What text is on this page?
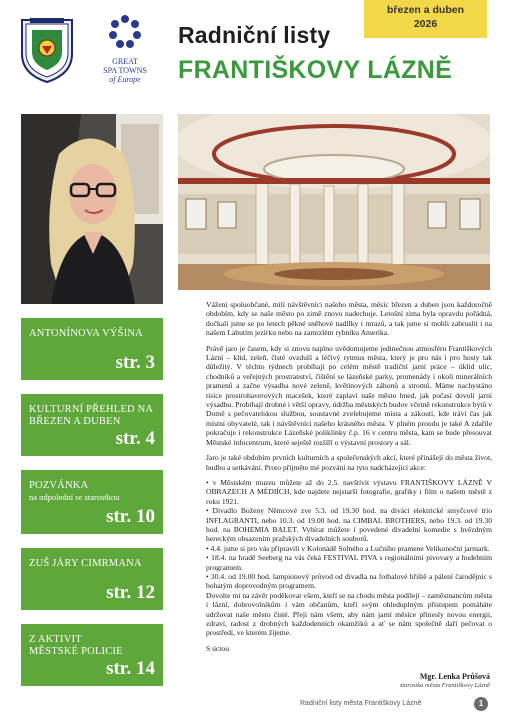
GREAT
SPA TOWNS
of Europe
březen a duben
2026
Radniční listy
FRANTIŠKOVY LÁZNĚ
ANTONÍNOVA VÝŠINA
str. 3
KULTURNÍ PŘEHLED NA BŘEZEN A DUBEN
str. 4
POZVÁNKA
na odpolední se starostkou
str. 10
ZUŠ JÁRY CIMRMANA
str. 12
Z AKTIVIT MĚSTSKÉ POLICIE
str. 14

Vážení spoluobčané, milí návštěvníci našeho města, měsíc březen a duben jsou každoročně obdobím, kdy se naše město po zimě znovu nadechuje. Letošní zima byla opravdu pořádná, dočkali jsme se po letech pěkné sněhové nadílky i mrazů, a tak jsme si mohli zabruslit i na našem Labutím jezírku nebo na zamrzlém rybníku Amerika.

Právě jaro je časem, kdy si znovu naplno uvědomujeme jedinečnou atmosféru Františkových Lázní – klid, zeleň, čisté ovzduší a léčivý rytmus města, který je pro nás i pro hosty tak důležitý. V těchto týdnech probíhají po celém městě tradiční jarní práce – úklid ulic, chodníků a veřejných prostranství, čištění se lázeňské parky, promenády i okolí minerálních pramenů a začne výsadba nové zeleně, květinových záhonů a stromů. Máme nachystáno tisíce prostrohaverových macešek, které zaplaví naše město hned, jak počasí dovolí jarní výsadbu. Probíhají drobné i větší opravy, údržba městských budov včetně rekonstrukce bytů v Domě s pečovatelskou službou, soustavné zvelebujeme místa a zákoutí, kde tráví čas jak místní obyvatelé, tak i návštěvníci našeho krásného města. V plném proudu je také A zdařile pokračuje i rekonstrukce Lázeňské poliklinky č.p. 16 v centru města, kam se bude přesouvat Městské infocentrum, které seještě rozšíří o výstavní prostory a sál.

Jaro je také obdobím prvních kulturních a společenských akcí, které přinášejí do města život, hudbu a setkávání. Proto přijměte mé pozvání na tyto nadcházející akce:

• v Městském muzeu můžete až do 2.5. navštívit výstavu FRANTIŠKOVY LÁZNĚ V OBRAZECH A MÉDIÍCH, kde najdete nejstarší fotografie, grafiky i film o našem městě z roku 1921.
• Divadlo Boženy Němcové zve 5.3. od 19.30 hod. na diváci elektrické smyčcové trio INFLAGRANTI, nebo 10.3. od 19.00 hod. na CIMBAL BROTHERS, nebo 19.3. od 19.30 hod. na BOHEMIA BALET. Vybírat můžete i povedené divadelní komedie s hvězdným hereckým obsazením pražských divadelních souborů.
• 4.4. jsme si pro vás připravili v Kolonádě Solného a Lučního pramene Velikonoční jarmark.
• 18.4. na hradě Seeberg na vás čeká FESTIVAL PIVA s regionálními pivovary a hudebním programem.
• 30.4. od 19.00 hod. lampionový průvod od divadla na fotbalové hřiště a pálení čarodějnic s bohatým doprovodným programem.

Dovolte mi na závěr poděkovat všem, kteří se na chodu města podílejí – zaměstnancům města i lázní, dobrovolníkům i vám občanům, kteří svým ohleduplným přístupem pomáháte udržovat naše město čisté. Přeji nám všem, aby nám jarní měsíce přinesly novou energii, zdraví, radost z drobných každodenních okamžiků a ať se nám společně daří pečovat o prostředí, ve kterém žijeme.

S úctou

Mgr. Lenka Průšová
starostka města Františkovy Lázně
Radniční listy města Františkovy Lázně	1
